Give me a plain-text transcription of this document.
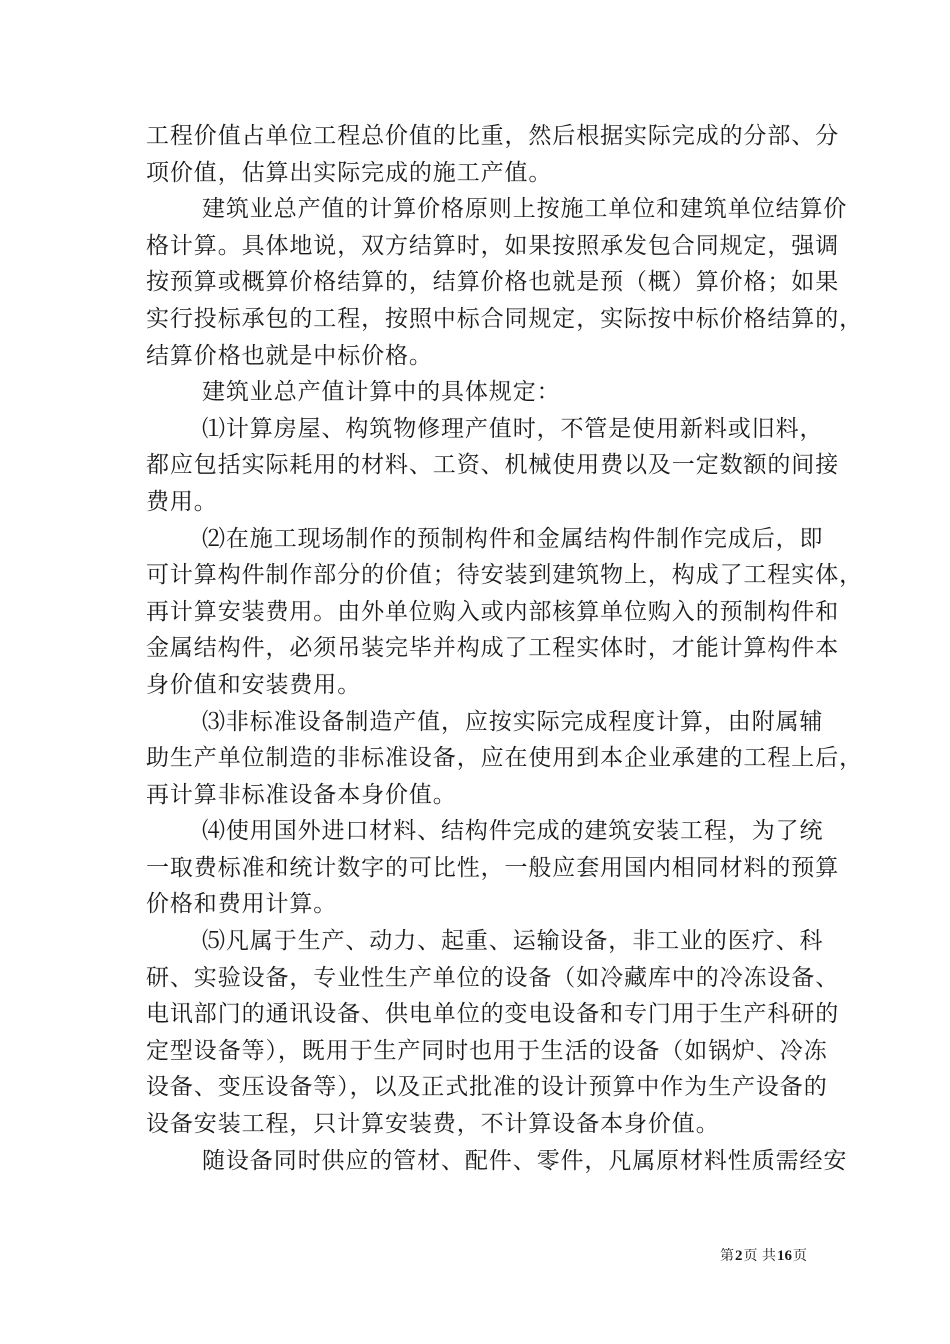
工程价值占单位工程总价值的比重，然后根据实际完成的分部、分
项价值，估算出实际完成的施工产值。
建筑业总产值的计算价格原则上按施工单位和建筑单位结算价
格计算。具体地说，双方结算时，如果按照承发包合同规定，强调
按预算或概算价格结算的，结算价格也就是预（概）算价格；如果
实行投标承包的工程，按照中标合同规定，实际按中标价格结算的，
结算价格也就是中标价格。
建筑业总产值计算中的具体规定：
⑴计算房屋、构筑物修理产值时，不管是使用新料或旧料，
都应包括实际耗用的材料、工资、机械使用费以及一定数额的间接
费用。
⑵在施工现场制作的预制构件和金属结构件制作完成后，即
可计算构件制作部分的价值；待安装到建筑物上，构成了工程实体，
再计算安装费用。由外单位购入或内部核算单位购入的预制构件和
金属结构件，必须吊装完毕并构成了工程实体时，才能计算构件本
身价值和安装费用。
⑶非标准设备制造产值，应按实际完成程度计算，由附属辅
助生产单位制造的非标准设备，应在使用到本企业承建的工程上后，
再计算非标准设备本身价值。
⑷使用国外进口材料、结构件完成的建筑安装工程，为了统
一取费标准和统计数字的可比性，一般应套用国内相同材料的预算
价格和费用计算。
⑸凡属于生产、动力、起重、运输设备，非工业的医疗、科
研、实验设备，专业性生产单位的设备（如冷藏库中的冷冻设备、
电讯部门的通讯设备、供电单位的变电设备和专门用于生产科研的
定型设备等），既用于生产同时也用于生活的设备（如锅炉、冷冻
设备、变压设备等），以及正式批准的设计预算中作为生产设备的
设备安装工程，只计算安装费，不计算设备本身价值。
随设备同时供应的管材、配件、零件，凡属原材料性质需经安
第2页 共16页
